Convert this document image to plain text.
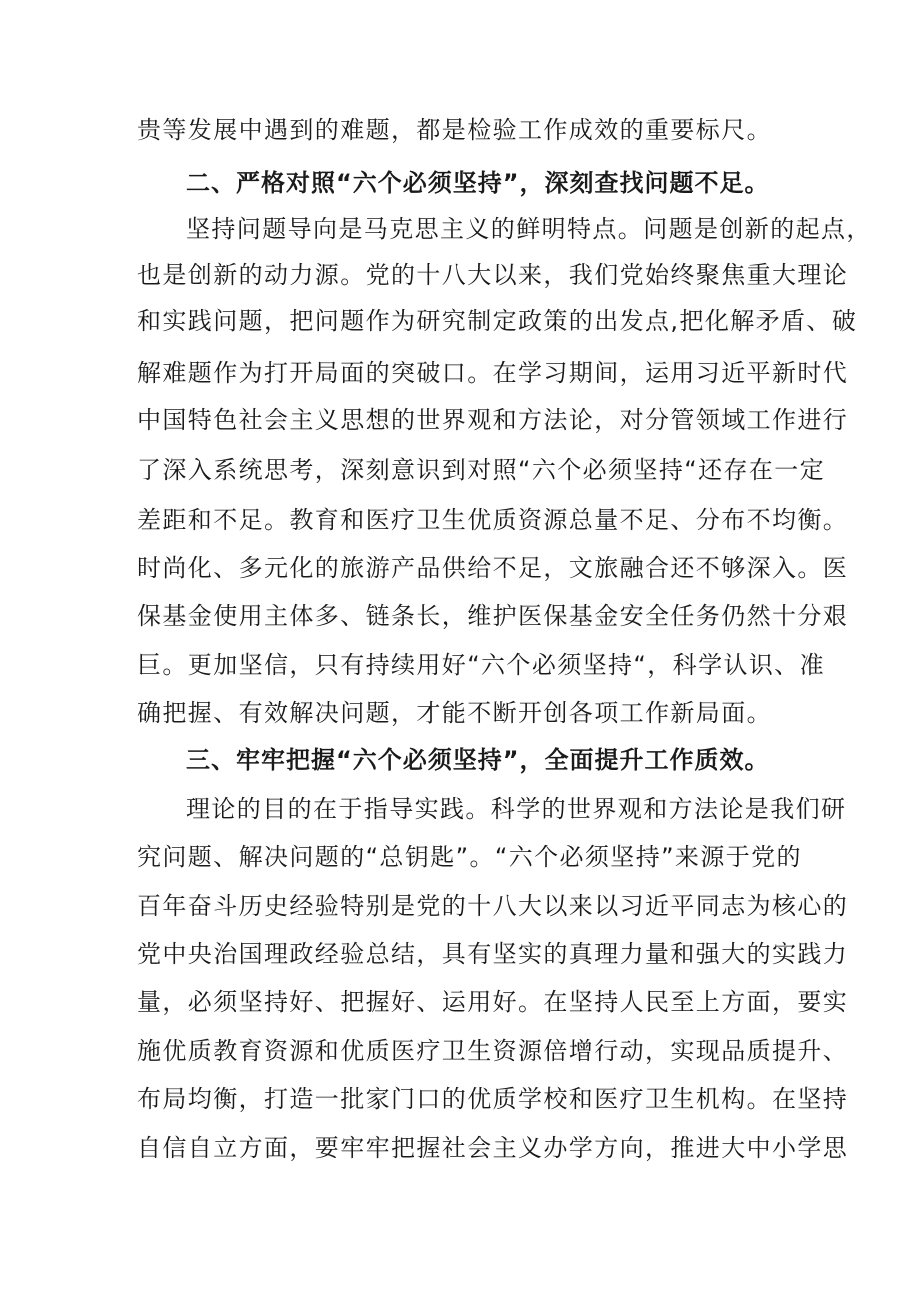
贵等发展中遇到的难题，都是检验工作成效的重要标尺。
二、严格对照“六个必须坚持”，深刻查找问题不足。
坚持问题导向是马克思主义的鲜明特点。问题是创新的起点，
也是创新的动力源。党的十八大以来，我们党始终聚焦重大理论
和实践问题，把问题作为研究制定政策的出发点,把化解矛盾、破
解难题作为打开局面的突破口。在学习期间，运用习近平新时代
中国特色社会主义思想的世界观和方法论，对分管领域工作进行
了深入系统思考，深刻意识到对照“六个必须坚持“还存在一定
差距和不足。教育和医疗卫生优质资源总量不足、分布不均衡。
时尚化、多元化的旅游产品供给不足，文旅融合还不够深入。医
保基金使用主体多、链条长，维护医保基金安全任务仍然十分艰
巨。更加坚信，只有持续用好“六个必须坚持“，科学认识、准
确把握、有效解决问题，才能不断开创各项工作新局面。
三、牢牢把握“六个必须坚持”，全面提升工作质效。
理论的目的在于指导实践。科学的世界观和方法论是我们研
究问题、解决问题的“总钥匙”。“六个必须坚持”来源于党的
百年奋斗历史经验特别是党的十八大以来以习近平同志为核心的
党中央治国理政经验总结，具有坚实的真理力量和强大的实践力
量，必须坚持好、把握好、运用好。在坚持人民至上方面，要实
施优质教育资源和优质医疗卫生资源倍增行动，实现品质提升、
布局均衡，打造一批家门口的优质学校和医疗卫生机构。在坚持
自信自立方面，要牢牢把握社会主义办学方向，推进大中小学思
